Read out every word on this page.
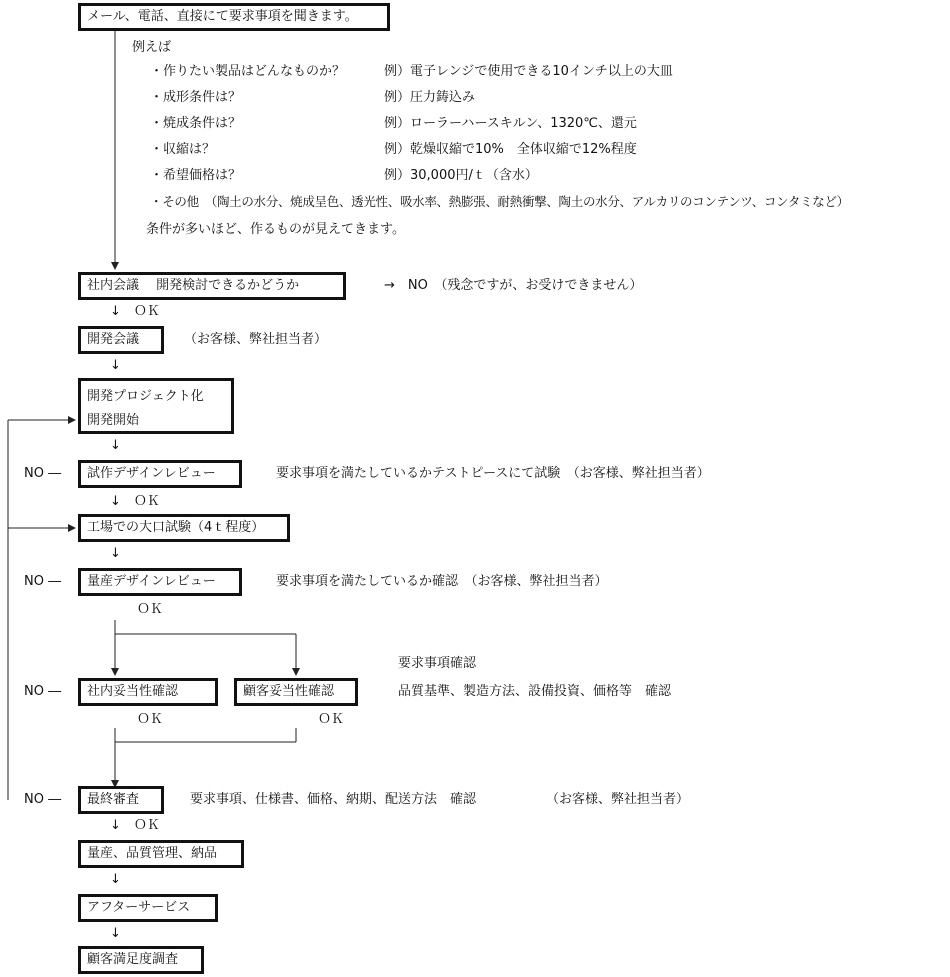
メール、電話、直接にて要求事項を聞きます。
例えば
・作りたい製品はどんなものか？	例）電子レンジで使用できる10インチ以上の大皿
・成形条件は？	例）圧力鋳込み
・焼成条件は？	例）ローラーハースキルン、1320℃、還元
・収縮は？	例）乾燥収縮で10%　全体収縮で12%程度
・希望価格は？	例）30,000円/ｔ（含水）
・その他　（陶土の水分、焼成呈色、透光性、吸水率、熱膨張、耐熱衝撃、陶土の水分、アルカリのコンテンツ、コンタミなど）
条件が多いほど、作るものが見えてきます。
社内会議　 開発検討できるかどうか	→　NO　（残念ですが、お受けできません）
↓　ＯＫ
開発会議	（お客様、弊社担当者）
↓
開発プロジェクト化
開発開始
↓
NO ―	試作デザインレビュー	要求事項を満たしているかテストピースにて試験　（お客様、弊社担当者）
↓　ＯＫ
工場での大口試験（4ｔ程度）
↓
NO ―	量産デザインレビュー	要求事項を満たしているか確認　（お客様、弊社担当者）
ＯＫ
要求事項確認
NO ―	社内妥当性確認	顧客妥当性確認	品質基準、製造方法、設備投資、価格等　確認
ＯＫ	ＯＫ
NO ―	最終審査	要求事項、仕様書、価格、納期、配送方法　確認	（お客様、弊社担当者）
↓　ＯＫ
量産、品質管理、納品
↓
アフターサービス
↓
顧客満足度調査
